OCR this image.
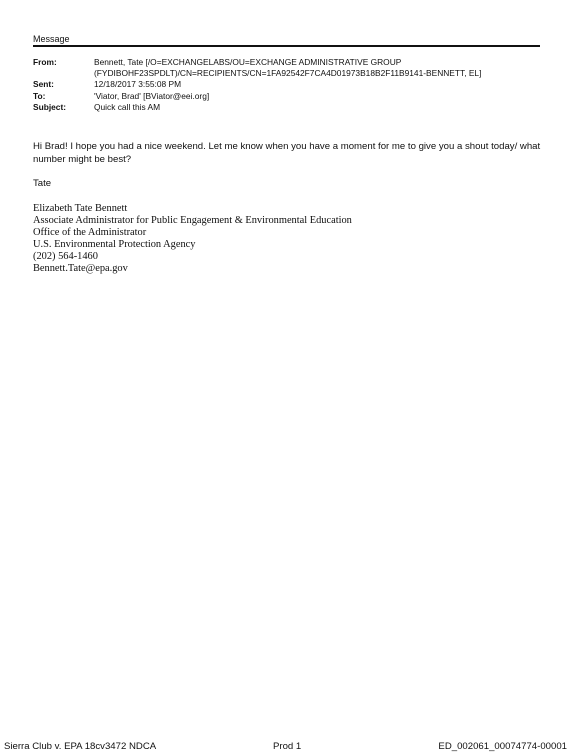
Message
From:	Bennett, Tate [/O=EXCHANGELABS/OU=EXCHANGE ADMINISTRATIVE GROUP
(FYDIBOHF23SPDLT)/CN=RECIPIENTS/CN=1FA92542F7CA4D01973B18B2F11B9141-BENNETT, EL]
Sent:	12/18/2017 3:55:08 PM
To:	'Viator, Brad' [BViator@eei.org]
Subject:	Quick call this AM

Hi Brad! I hope you had a nice weekend. Let me know when you have a moment for me to give you a shout today/ what number might be best?

Tate

Elizabeth Tate Bennett
Associate Administrator for Public Engagement & Environmental Education
Office of the Administrator
U.S. Environmental Protection Agency
(202) 564-1460
Bennett.Tate@epa.gov
Sierra Club v. EPA 18cv3472 NDCA	Prod 1	ED_002061_00074774-00001
